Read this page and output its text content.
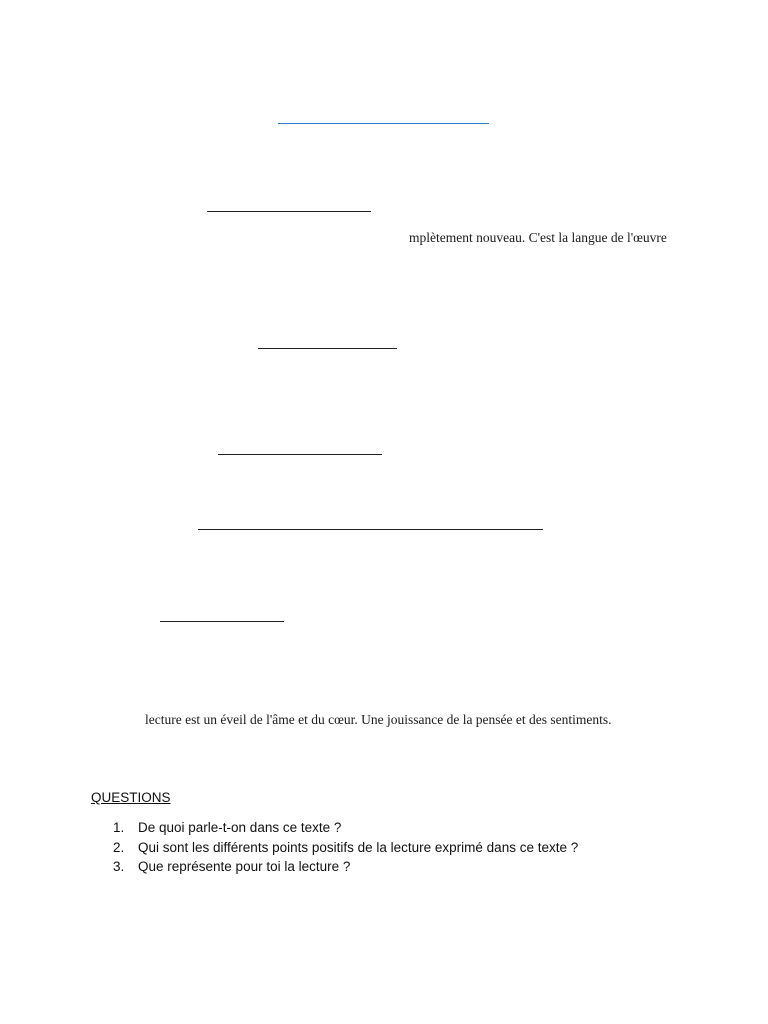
mplètement nouveau. C'est la langue de l'œuvre
lecture est un éveil de l'âme et du cœur. Une jouissance de la pensée et des sentiments.
QUESTIONS
1. De quoi parle-t-on dans ce texte ?
2. Qui sont les différents points positifs de la lecture exprimé dans ce texte ?
3. Que représente pour toi la lecture ?
